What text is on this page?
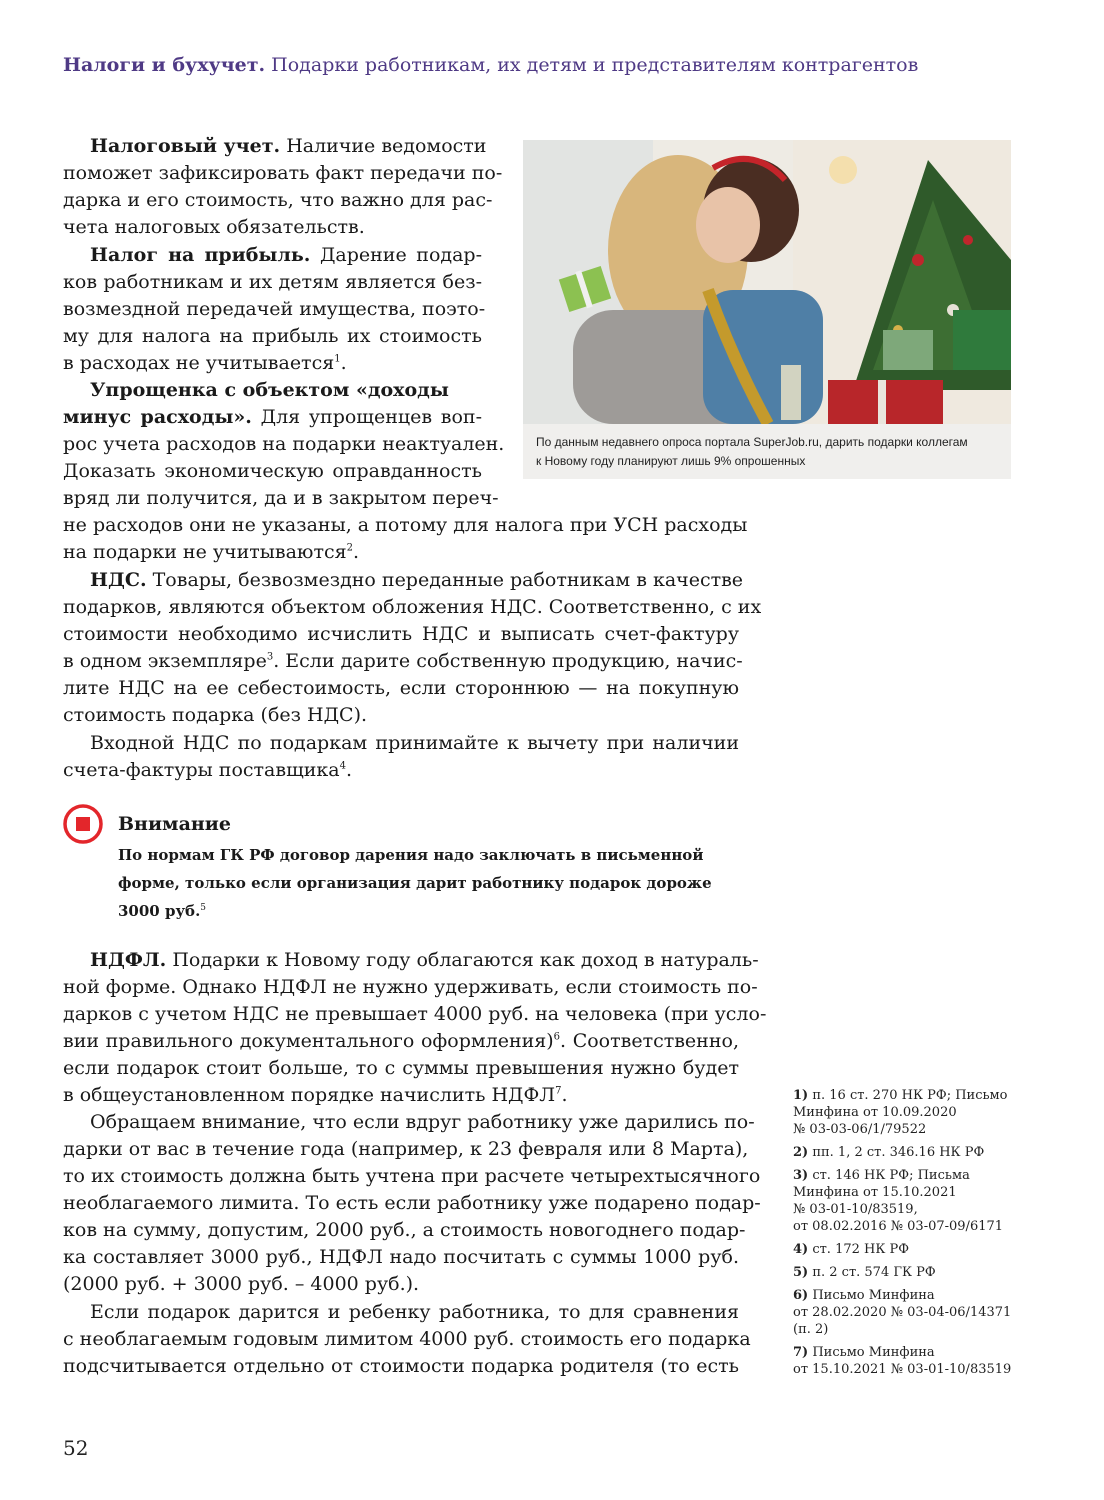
Налоги и бухучет. Подарки работникам, их детям и представителям контрагентов
Налоговый учет. Наличие ведомости
поможет зафиксировать факт передачи по-
дарка и его стоимость, что важно для рас-
чета налоговых обязательств.
Налог на прибыль. Дарение подар-
ков работникам и их детям является без-
возмездной передачей имущества, поэто-
му для налога на прибыль их стоимость
в расходах не учитывается$^1$.
Упрощенка с объектом «доходы
минус расходы». Для упрощенцев воп-
рос учета расходов на подарки неактуален.
Доказать экономическую оправданность
вряд ли получится, да и в закрытом переч-
не расходов они не указаны, а потому для налога при УСН расходы
на подарки не учитываются$^2$.
НДС. Товары, безвозмездно переданные работникам в качестве
подарков, являются объектом обложения НДС. Соответственно, с их
стоимости необходимо исчислить НДС и выписать счет-фактуру
в одном экземпляре$^3$. Если дарите собственную продукцию, начис-
лите НДС на ее себестоимость, если стороннюю — на покупную
стоимость подарка (без НДС).
Входной НДС по подаркам принимайте к вычету при наличии
счета-фактуры поставщика$^4$.
По данным недавнего опроса портала SuperJob.ru, дарить подарки коллегам
к Новому году планируют лишь 9% опрошенных
Внимание
По нормам ГК РФ договор дарения надо заключать в письменной
форме, только если организация дарит работнику подарок дороже
3000 руб.$^5$
НДФЛ. Подарки к Новому году облагаются как доход в натураль-
ной форме. Однако НДФЛ не нужно удерживать, если стоимость по-
дарков с учетом НДС не превышает 4000 руб. на человека (при усло-
вии правильного документального оформления)$^6$. Соответственно,
если подарок стоит больше, то с суммы превышения нужно будет
в общеустановленном порядке начислить НДФЛ$^7$.
Обращаем внимание, что если вдруг работнику уже дарились по-
дарки от вас в течение года (например, к 23 февраля или 8 Марта),
то их стоимость должна быть учтена при расчете четырехтысячного
необлагаемого лимита. То есть если работнику уже подарено подар-
ков на сумму, допустим, 2000 руб., а стоимость новогоднего подар-
ка составляет 3000 руб., НДФЛ надо посчитать с суммы 1000 руб.
(2000 руб. + 3000 руб. – 4000 руб.).
Если подарок дарится и ребенку работника, то для сравнения
с необлагаемым годовым лимитом 4000 руб. стоимость его подарка
подсчитывается отдельно от стоимости подарка родителя (то есть
1) п. 16 ст. 270 НК РФ; Письмо
Минфина от 10.09.2020
№ 03-03-06/1/79522
2) пп. 1, 2 ст. 346.16 НК РФ
3) ст. 146 НК РФ; Письма
Минфина от 15.10.2021
№ 03-01-10/83519,
от 08.02.2016 № 03-07-09/6171
4) ст. 172 НК РФ
5) п. 2 ст. 574 ГК РФ
6) Письмо Минфина
от 28.02.2020 № 03-04-06/14371
(п. 2)
7) Письмо Минфина
от 15.10.2021 № 03-01-10/83519
52
